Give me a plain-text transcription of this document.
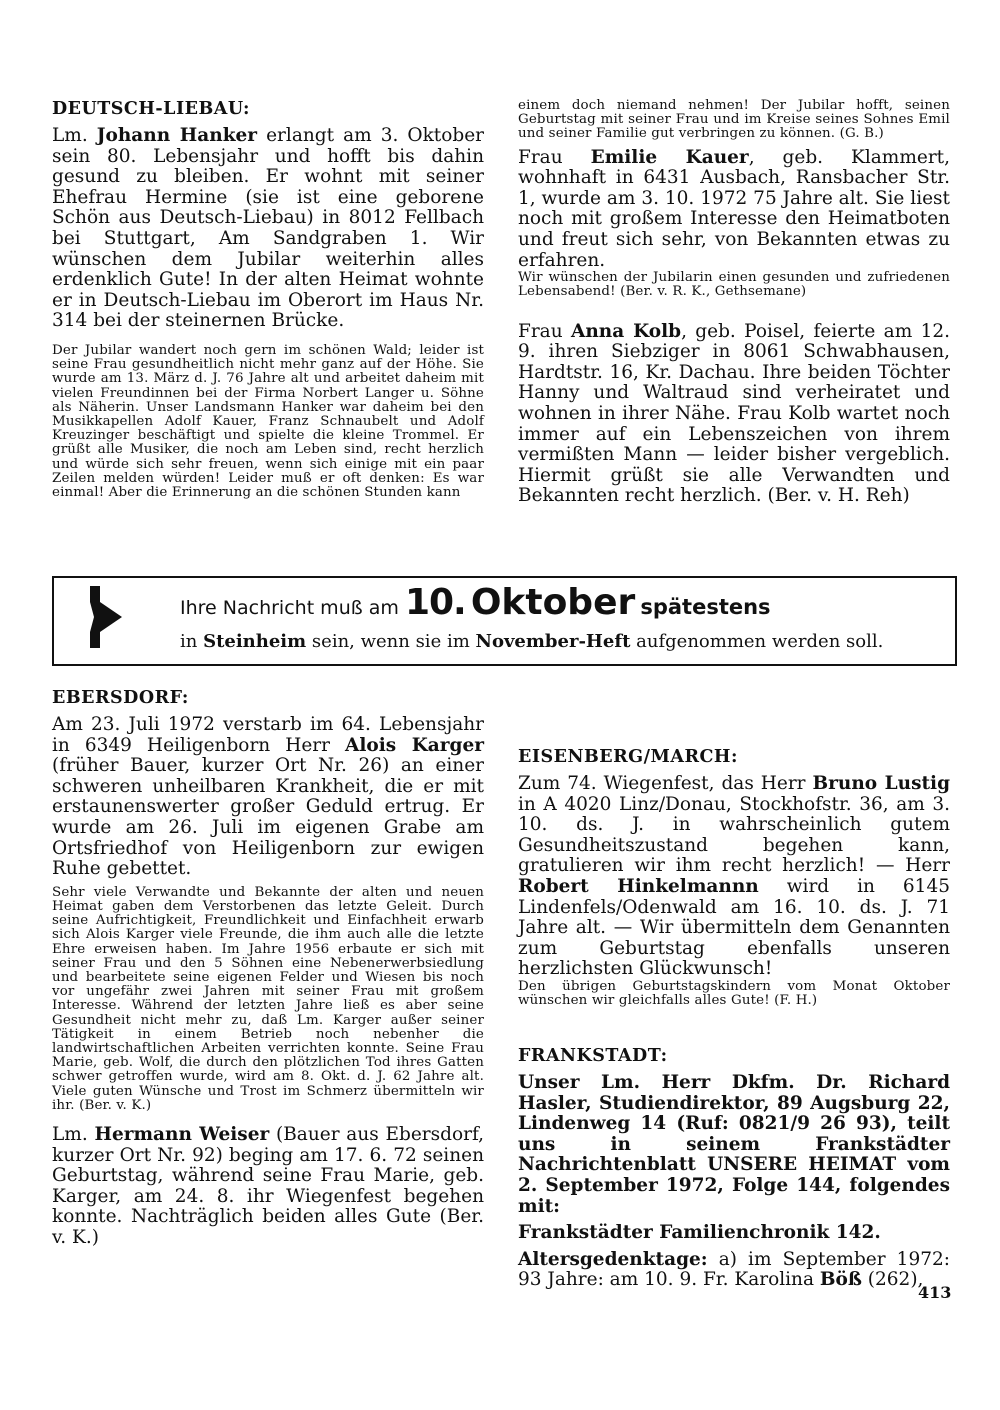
DEUTSCH-LIEBAU:

Lm. Johann Hanker erlangt am 3. Oktober sein 80. Lebensjahr und hofft bis dahin gesund zu bleiben. Er wohnt mit seiner Ehefrau Hermine (sie ist eine geborene Schön aus Deutsch-Liebau) in 8012 Fellbach bei Stuttgart, Am Sandgraben 1. Wir wünschen dem Jubilar weiterhin alles erdenklich Gute! In der alten Heimat wohnte er in Deutsch-Liebau im Oberort im Haus Nr. 314 bei der steinernen Brücke.

Der Jubilar wandert noch gern im schönen Wald; leider ist seine Frau gesundheitlich nicht mehr ganz auf der Höhe. Sie wurde am 13. März d. J. 76 Jahre alt und arbeitet daheim mit vielen Freundinnen bei der Firma Norbert Langer u. Söhne als Näherin. Unser Landsmann Hanker war daheim bei den Musikkapellen Adolf Kauer, Franz Schnaubelt und Adolf Kreuzinger beschäftigt und spielte die kleine Trommel. Er grüßt alle Musiker, die noch am Leben sind, recht herzlich und würde sich sehr freuen, wenn sich einige mit ein paar Zeilen melden würden! Leider muß er oft denken: Es war einmal! Aber die Erinnerung an die schönen Stunden kann

einem doch niemand nehmen! Der Jubilar hofft, seinen Geburtstag mit seiner Frau und im Kreise seines Sohnes Emil und seiner Familie gut verbringen zu können. (G. B.)

Frau Emilie Kauer, geb. Klammert, wohnhaft in 6431 Ausbach, Ransbacher Str. 1, wurde am 3. 10. 1972 75 Jahre alt. Sie liest noch mit großem Interesse den Heimatboten und freut sich sehr, von Bekannten etwas zu erfahren.

Wir wünschen der Jubilarin einen gesunden und zufriedenen Lebensabend! (Ber. v. R. K., Gethsemane)

Frau Anna Kolb, geb. Poisel, feierte am 12. 9. ihren Siebziger in 8061 Schwabhausen, Hardtstr. 16, Kr. Dachau. Ihre beiden Töchter Hanny und Waltraud sind verheiratet und wohnen in ihrer Nähe. Frau Kolb wartet noch immer auf ein Lebenszeichen von ihrem vermißten Mann — leider bisher vergeblich. Hiermit grüßt sie alle Verwandten und Bekannten recht herzlich. (Ber. v. H. Reh)

Ihre Nachricht muß am 10. Oktober spätestens
in Steinheim sein, wenn sie im November-Heft aufgenommen werden soll.

EBERSDORF:

Am 23. Juli 1972 verstarb im 64. Lebensjahr in 6349 Heiligenborn Herr Alois Karger (früher Bauer, kurzer Ort Nr. 26) an einer schweren unheilbaren Krankheit, die er mit erstaunenswerter großer Geduld ertrug. Er wurde am 26. Juli im eigenen Grabe am Ortsfriedhof von Heiligenborn zur ewigen Ruhe gebettet.

Sehr viele Verwandte und Bekannte der alten und neuen Heimat gaben dem Verstorbenen das letzte Geleit. Durch seine Aufrichtigkeit, Freundlichkeit und Einfachheit erwarb sich Alois Karger viele Freunde, die ihm auch alle die letzte Ehre erweisen haben. Im Jahre 1956 erbaute er sich mit seiner Frau und den 5 Söhnen eine Nebenerwerbsiedlung und bearbeitete seine eigenen Felder und Wiesen bis noch vor ungefähr zwei Jahren mit seiner Frau mit großem Interesse. Während der letzten Jahre ließ es aber seine Gesundheit nicht mehr zu, daß Lm. Karger außer seiner Tätigkeit in einem Betrieb noch nebenher die landwirtschaftlichen Arbeiten verrichten konnte. Seine Frau Marie, geb. Wolf, die durch den plötzlichen Tod ihres Gatten schwer getroffen wurde, wird am 8. Okt. d. J. 62 Jahre alt. Viele guten Wünsche und Trost im Schmerz übermitteln wir ihr. (Ber. v. K.)

Lm. Hermann Weiser (Bauer aus Ebersdorf, kurzer Ort Nr. 92) beging am 17. 6. 72 seinen Geburtstag, während seine Frau Marie, geb. Karger, am 24. 8. ihr Wiegenfest begehen konnte. Nachträglich beiden alles Gute (Ber. v. K.)

EISENBERG/MARCH:

Zum 74. Wiegenfest, das Herr Bruno Lustig in A 4020 Linz/Donau, Stockhofstr. 36, am 3. 10. ds. J. in wahrscheinlich gutem Gesundheitszustand begehen kann, gratulieren wir ihm recht herzlich! — Herr Robert Hinkelmannn wird in 6145 Lindenfels/Odenwald am 16. 10. ds. J. 71 Jahre alt. — Wir übermitteln dem Genannten zum Geburtstag ebenfalls unseren herzlichsten Glückwunsch!

Den übrigen Geburtstagskindern vom Monat Oktober wünschen wir gleichfalls alles Gute! (F. H.)

FRANKSTADT:

Unser Lm. Herr Dkfm. Dr. Richard Hasler, Studiendirektor, 89 Augsburg 22, Lindenweg 14 (Ruf: 0821/9 26 93), teilt uns in seinem Frankstädter Nachrichtenblatt UNSERE HEIMAT vom 2. September 1972, Folge 144, folgendes mit:

Frankstädter Familienchronik 142.

Altersgedenktage: a) im September 1972: 93 Jahre: am 10. 9. Fr. Karolina Böß (262),

413
